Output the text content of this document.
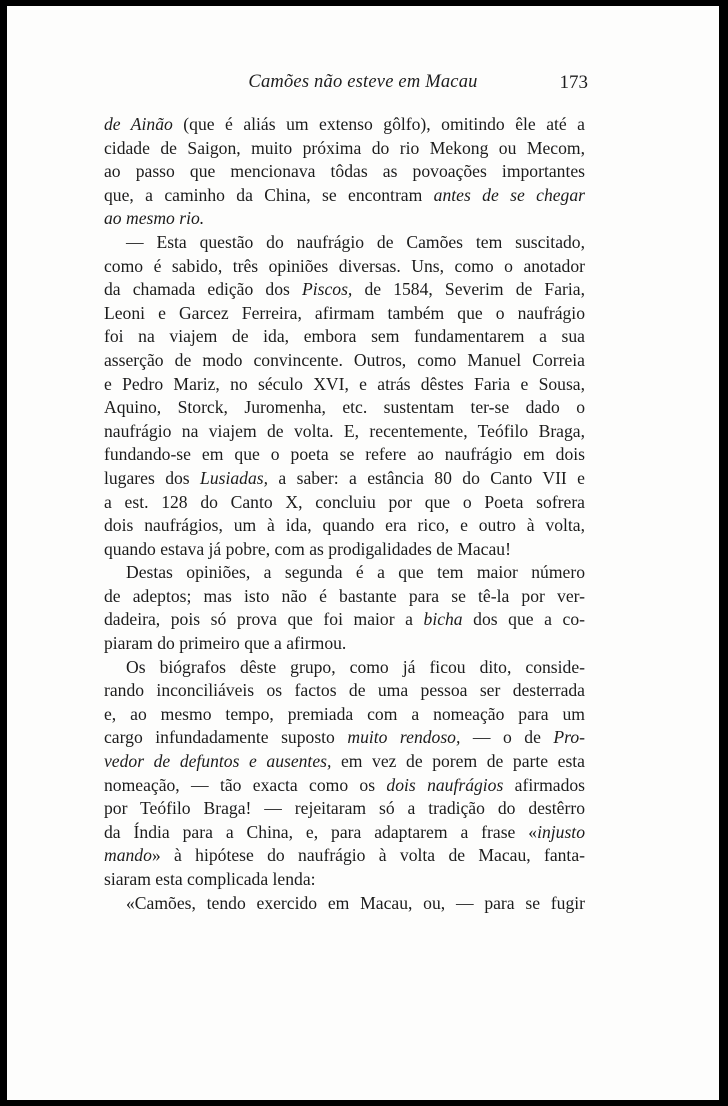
Camões não esteve em Macau	173
de Ainão (que é aliás um extenso gôlfo), omitindo êle até a
cidade de Saigon, muito próxima do rio Mekong ou Mecom,
ao passo que mencionava tôdas as povoações importantes
que, a caminho da China, se encontram antes de se chegar
ao mesmo rio.
— Esta questão do naufrágio de Camões tem suscitado,
como é sabido, três opiniões diversas. Uns, como o anotador
da chamada edição dos Piscos, de 1584, Severim de Faria,
Leoni e Garcez Ferreira, afirmam também que o naufrágio
foi na viajem de ida, embora sem fundamentarem a sua
asserção de modo convincente. Outros, como Manuel Correia
e Pedro Mariz, no século XVI, e atrás dêstes Faria e Sousa,
Aquino, Storck, Juromenha, etc. sustentam ter-se dado o
naufrágio na viajem de volta. E, recentemente, Teófilo Braga,
fundando-se em que o poeta se refere ao naufrágio em dois
lugares dos Lusiadas, a saber: a estância 80 do Canto VII e
a est. 128 do Canto X, concluiu por que o Poeta sofrera
dois naufrágios, um à ida, quando era rico, e outro à volta,
quando estava já pobre, com as prodigalidades de Macau!
Destas opiniões, a segunda é a que tem maior número
de adeptos; mas isto não é bastante para se tê-la por ver-
dadeira, pois só prova que foi maior a bicha dos que a co-
piaram do primeiro que a afirmou.
Os biógrafos dêste grupo, como já ficou dito, conside-
rando inconciliáveis os factos de uma pessoa ser desterrada
e, ao mesmo tempo, premiada com a nomeação para um
cargo infundadamente suposto muito rendoso, — o de Pro-
vedor de defuntos e ausentes, em vez de porem de parte esta
nomeação, — tão exacta como os dois naufrágios afirmados
por Teófilo Braga! — rejeitaram só a tradição do destêrro
da Índia para a China, e, para adaptarem a frase «injusto
mando» à hipótese do naufrágio à volta de Macau, fanta-
siaram esta complicada lenda:
«Camões, tendo exercido em Macau, ou, — para se fugir
